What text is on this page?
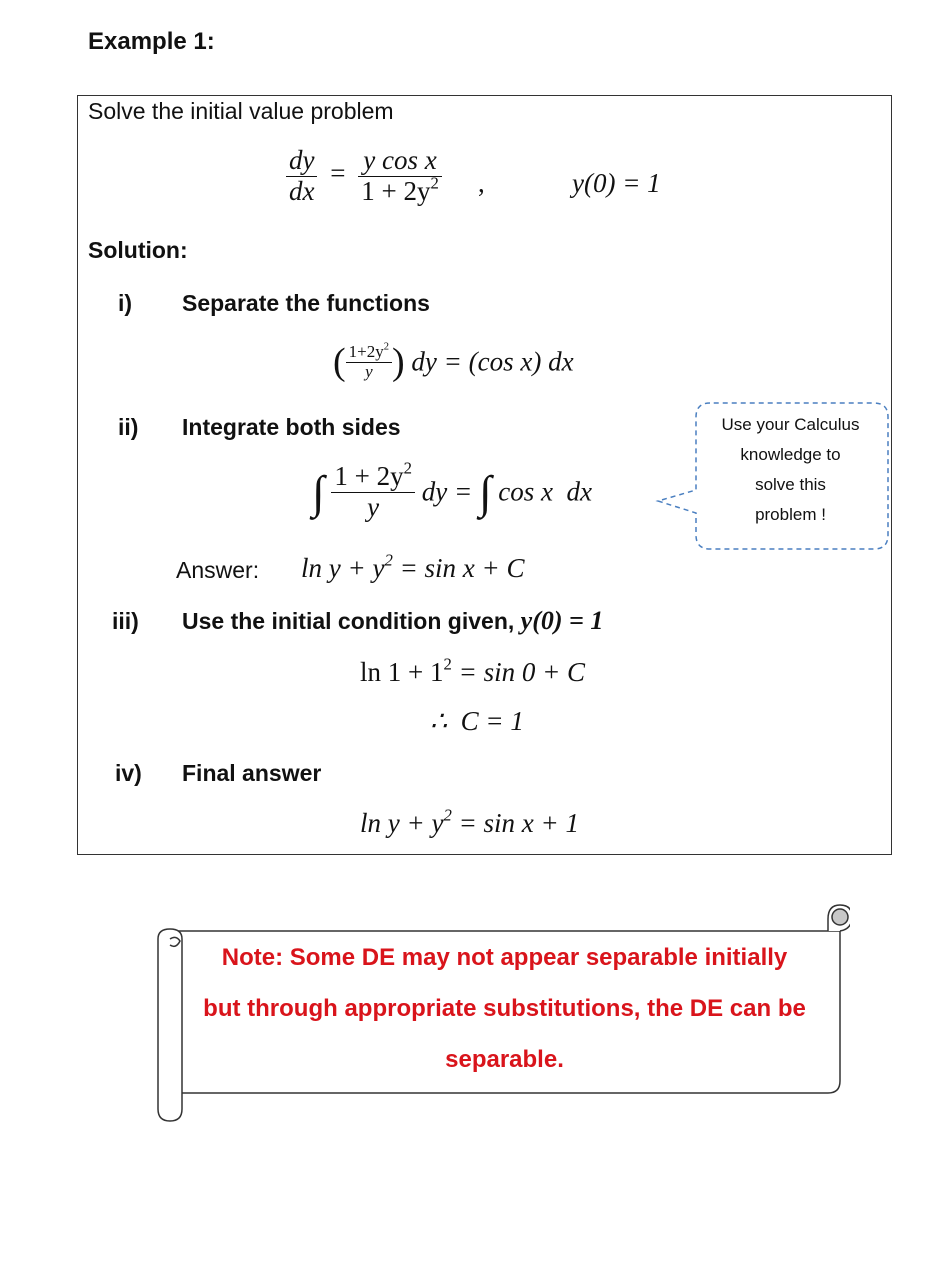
Example 1:
Solve the initial value problem
$\frac{dy}{dx} = \frac{\text{y cos x}}{1 + 2y^2}$ ,	y(0) = 1
Solution:
i) Separate the functions
( $\frac{1+2y^2}{y}$ ) dy = (cos x) dx
ii) Integrate both sides
∫ $\frac{1 + 2y^2}{y}$ dy = ∫ cos x  dx
Answer: $\ln y + y^2 = \sin x + C$
Use your Calculus
knowledge to
solve this
problem !
iii) Use the initial condition given, y(0) = 1
$\ln 1 + 1^2 = \sin 0 + C$
∴  C = 1
iv) Final answer
$\ln y + y^2 = \sin x + 1$
Note: Some DE may not appear separable initially
but through appropriate substitutions, the DE can be
separable.
